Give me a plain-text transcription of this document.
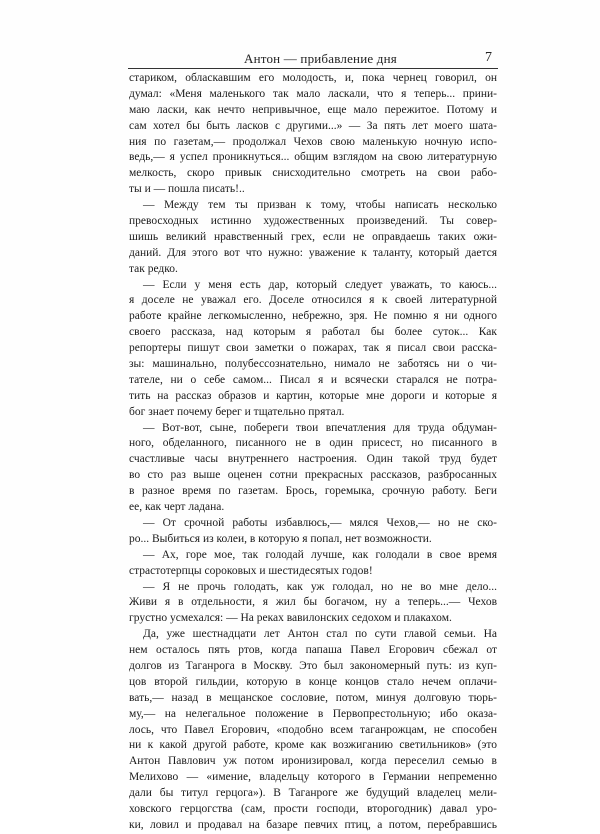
Антон — прибавление дня	7
стариком, обласкавшим его молодость, и, пока чернец говорил, он
думал: «Меня маленького так мало ласкали, что я теперь... прини-
маю ласки, как нечто непривычное, еще мало пережитое. Потому и
сам хотел бы быть ласков с другими...» — За пять лет моего шата-
ния по газетам,— продолжал Чехов свою маленькую ночную испо-
ведь,— я успел проникнуться... общим взглядом на свою литературную
мелкость, скоро привык снисходительно смотреть на свои рабо-
ты и — пошла писать!..
— Между тем ты призван к тому, чтобы написать несколько
превосходных истинно художественных произведений. Ты совер-
шишь великий нравственный грех, если не оправдаешь таких ожи-
даний. Для этого вот что нужно: уважение к таланту, который дается
так редко.
— Если у меня есть дар, который следует уважать, то каюсь...
я доселе не уважал его. Доселе относился я к своей литературной
работе крайне легкомысленно, небрежно, зря. Не помню я ни одного
своего рассказа, над которым я работал бы более суток... Как
репортеры пишут свои заметки о пожарах, так я писал свои расска-
зы: машинально, полубессознательно, нимало не заботясь ни о чи-
тателе, ни о себе самом... Писал я и всячески старался не потра-
тить на рассказ образов и картин, которые мне дороги и которые я
бог знает почему берег и тщательно прятал.
— Вот-вот, сыне, побереги твои впечатления для труда обдуман-
ного, обделанного, писанного не в один присест, но писанного в
счастливые часы внутреннего настроения. Один такой труд будет
во сто раз выше оценен сотни прекрасных рассказов, разбросанных
в разное время по газетам. Брось, горемыка, срочную работу. Беги
ее, как черт ладана.
— От срочной работы избавлюсь,— мялся Чехов,— но не ско-
ро... Выбиться из колеи, в которую я попал, нет возможности.
— Ах, горе мое, так голодай лучше, как голодали в свое время
страстотерпцы сороковых и шестидесятых годов!
— Я не прочь голодать, как уж голодал, но не во мне дело...
Живи я в отдельности, я жил бы богачом, ну а теперь...— Чехов
грустно усмехался: — На реках вавилонских седохом и плакахом.
Да, уже шестнадцати лет Антон стал по сути главой семьи. На
нем осталось пять ртов, когда папаша Павел Егорович сбежал от
долгов из Таганрога в Москву. Это был закономерный путь: из куп-
цов второй гильдии, которую в конце концов стало нечем оплачи-
вать,— назад в мещанское сословие, потом, минуя долговую тюрь-
му,— на нелегальное положение в Первопрестольную; ибо оказа-
лось, что Павел Егорович, «подобно всем таганрожцам, не способен
ни к какой другой работе, кроме как возжиганию светильников» (это
Антон Павлович уж потом иронизировал, когда переселил семью в
Мелихово — «имение, владельцу которого в Германии непременно
дали бы титул герцога»). В Таганроге же будущий владелец мели-
ховского герцогства (сам, прости господи, второгодник) давал уро-
ки, ловил и продавал на базаре певчих птиц, а потом, перебравшись
